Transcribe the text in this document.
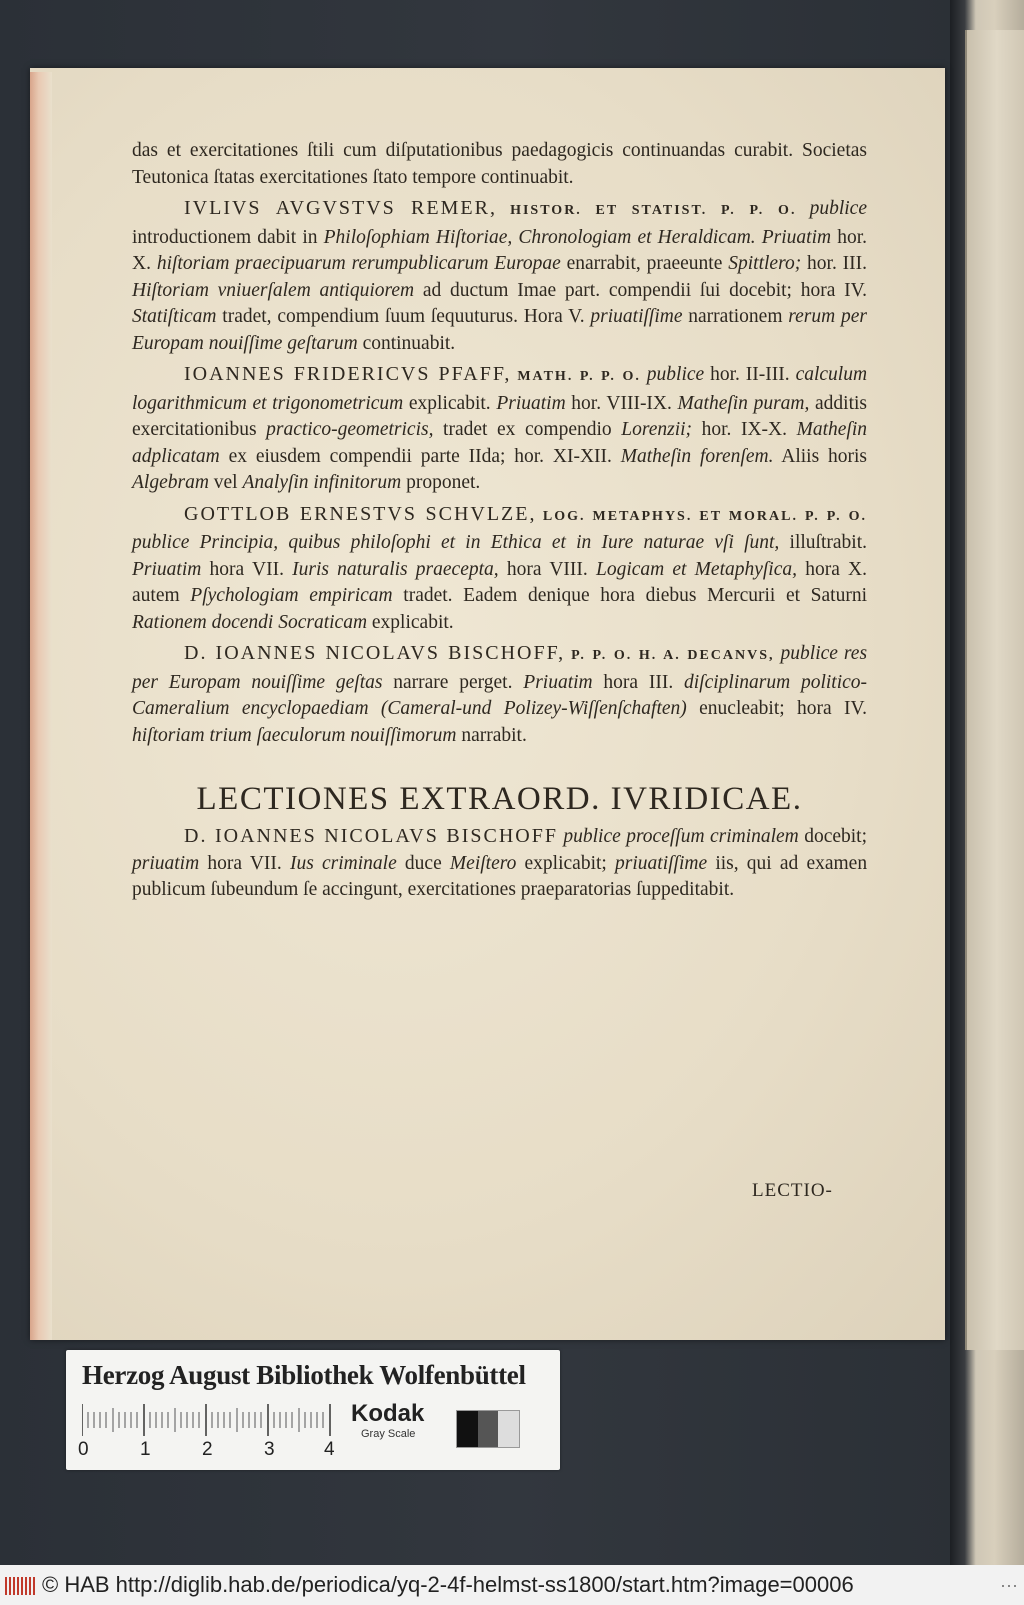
das et exercitationes ſtili cum diſputationibus paedagogicis continuandas curabit. Societas Teutonica ſtatas exercitationes ſtato tempore continuabit.

IVLIVS AVGVSTVS REMER, HISTOR. ET STATIST. P. P. O. publice introductionem dabit in Philoſophiam Hiſtoriae, Chronologiam et Heraldicam. Priuatim hor. X. hiſtoriam praecipuarum rerumpublicarum Europae enarrabit, praeeunte Spittlero; hor. III. Hiſtoriam vniuerſalem antiquiorem ad ductum Imae part. compendii ſui docebit; hora IV. Statiſticam tradet, compendium ſuum ſequuturus. Hora V. priuatiſſime narrationem rerum per Europam nouiſſime geſtarum continuabit.

IOANNES FRIDERICVS PFAFF, MATH. P. P. O. publice hor. II-III. calculum logarithmicum et trigonometricum explicabit. Priuatim hor. VIII-IX. Matheſin puram, additis exercitationibus practico-geometricis, tradet ex compendio Lorenzii; hor. IX-X. Matheſin adplicatam ex eiusdem compendii parte IIda; hor. XI-XII. Matheſin forenſem. Aliis horis Algebram vel Analyſin infinitorum proponet.

GOTTLOB ERNESTVS SCHVLZE, LOG. METAPHYS. ET MORAL. P. P. O. publice Principia, quibus philoſophi et in Ethica et in Iure naturae vſi ſunt, illuſtrabit. Priuatim hora VII. Iuris naturalis praecepta, hora VIII. Logicam et Metaphyſica, hora X. autem Pſychologiam empiricam tradet. Eadem denique hora diebus Mercurii et Saturni Rationem docendi Socraticam explicabit.

D. IOANNES NICOLAVS BISCHOFF, P. P. O. H. A. DECANVS, publice res per Europam nouiſſime geſtas narrare perget. Priuatim hora III. diſciplinarum politico-Cameralium encyclopaediam (Cameral-und Polizey-Wiſſenſchaften) enucleabit; hora IV. hiſtoriam trium ſaeculorum nouiſſimorum narrabit.

LECTIONES EXTRAORD. IVRIDICAE.

D. IOANNES NICOLAVS BISCHOFF publice proceſſum criminalem docebit; priuatim hora VII. Ius criminale duce Meiſtero explicabit; priuatiſſime iis, qui ad examen publicum ſubeundum ſe accingunt, exercitationes praeparatorias ſuppeditabit.

LECTIO-
Herzog August Bibliothek Wolfenbüttel
0	1	2	3	4
Kodak
Gray Scale
© HAB http://diglib.hab.de/periodica/yq-2-4f-helmst-ss1800/start.htm?image=00006	···
